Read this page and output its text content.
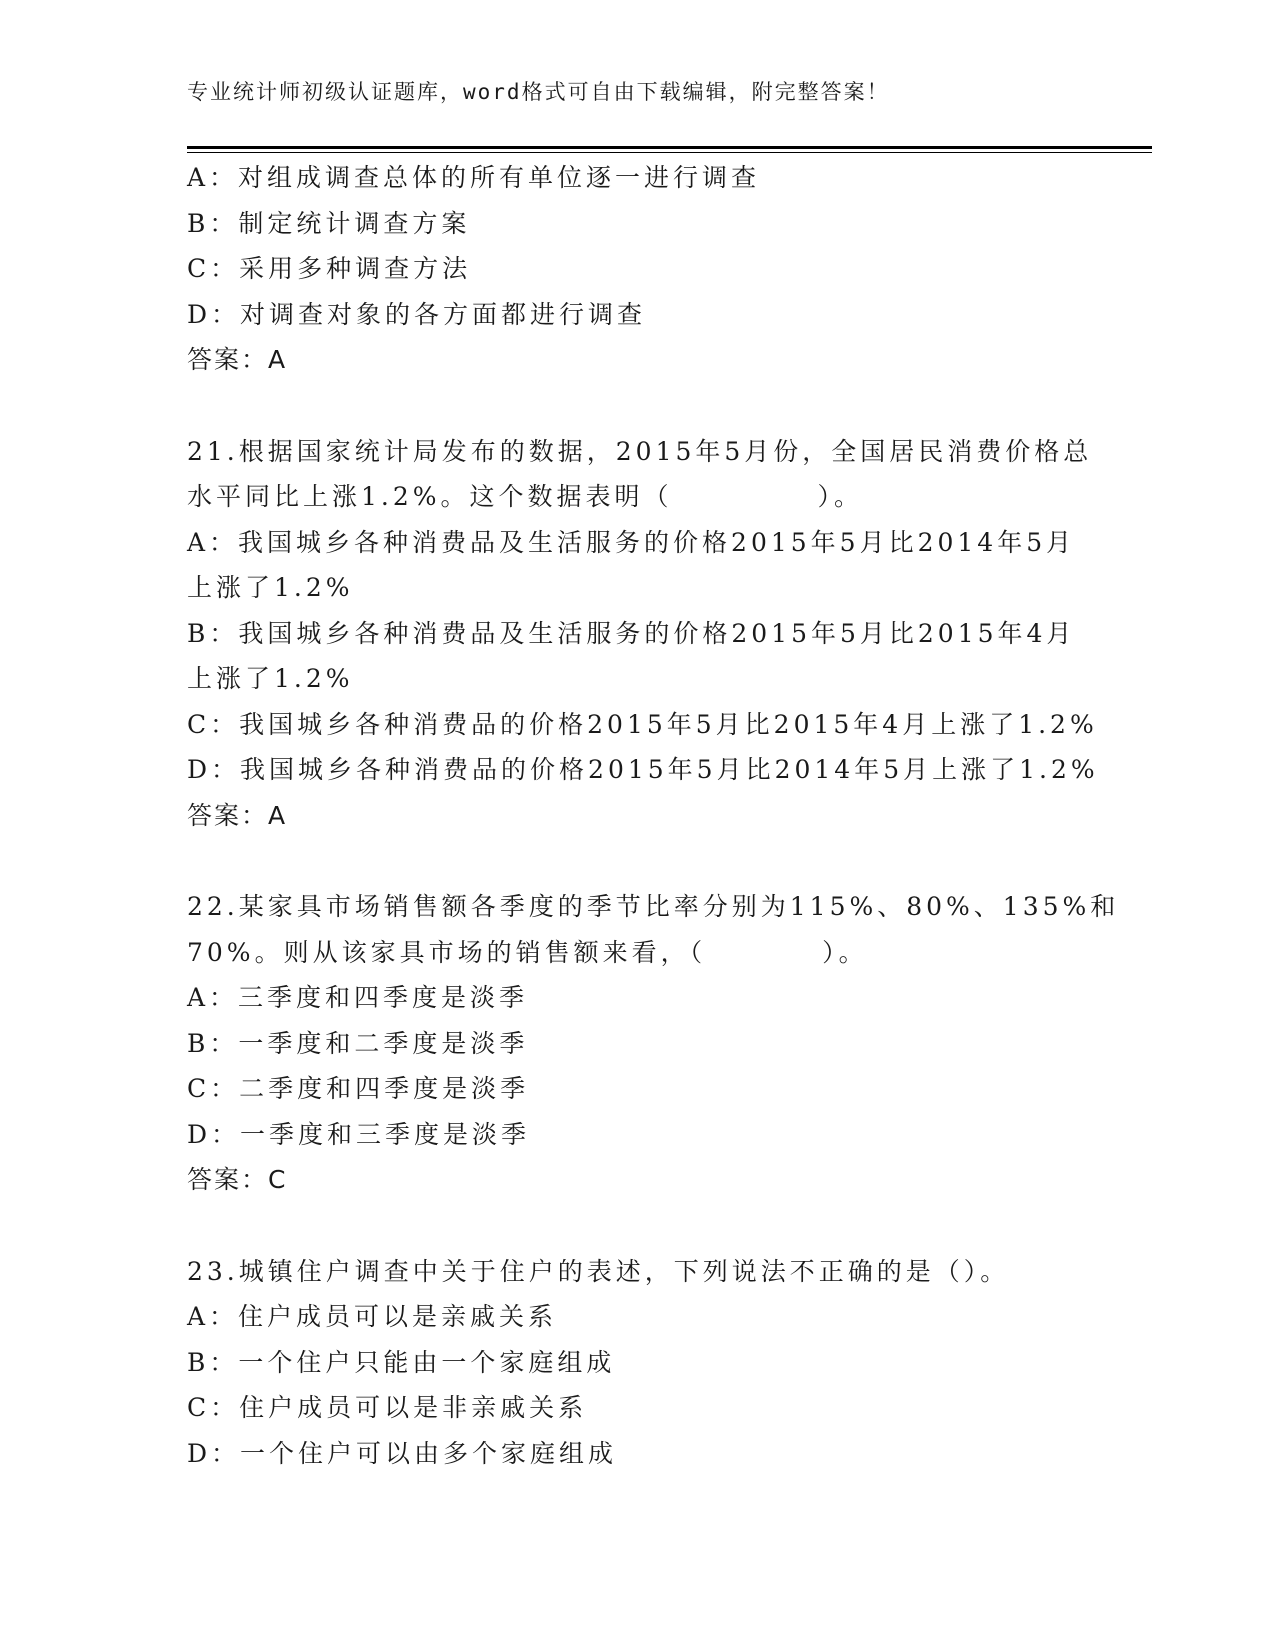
专业统计师初级认证题库，word格式可自由下载编辑，附完整答案！
A：对组成调查总体的所有单位逐一进行调查
B：制定统计调查方案
C：采用多种调查方法
D：对调查对象的各方面都进行调查
答案：A
21.根据国家统计局发布的数据，2015年5月份，全国居民消费价格总
水平同比上涨1.2%。这个数据表明（　　　　　）。
A：我国城乡各种消费品及生活服务的价格2015年5月比2014年5月
上涨了1.2%
B：我国城乡各种消费品及生活服务的价格2015年5月比2015年4月
上涨了1.2%
C：我国城乡各种消费品的价格2015年5月比2015年4月上涨了1.2%
D：我国城乡各种消费品的价格2015年5月比2014年5月上涨了1.2%
答案：A
22.某家具市场销售额各季度的季节比率分别为115%、80%、135%和
70%。则从该家具市场的销售额来看，（　　　　）。
A：三季度和四季度是淡季
B：一季度和二季度是淡季
C：二季度和四季度是淡季
D：一季度和三季度是淡季
答案：C
23.城镇住户调查中关于住户的表述，下列说法不正确的是（）。
A：住户成员可以是亲戚关系
B：一个住户只能由一个家庭组成
C：住户成员可以是非亲戚关系
D：一个住户可以由多个家庭组成
